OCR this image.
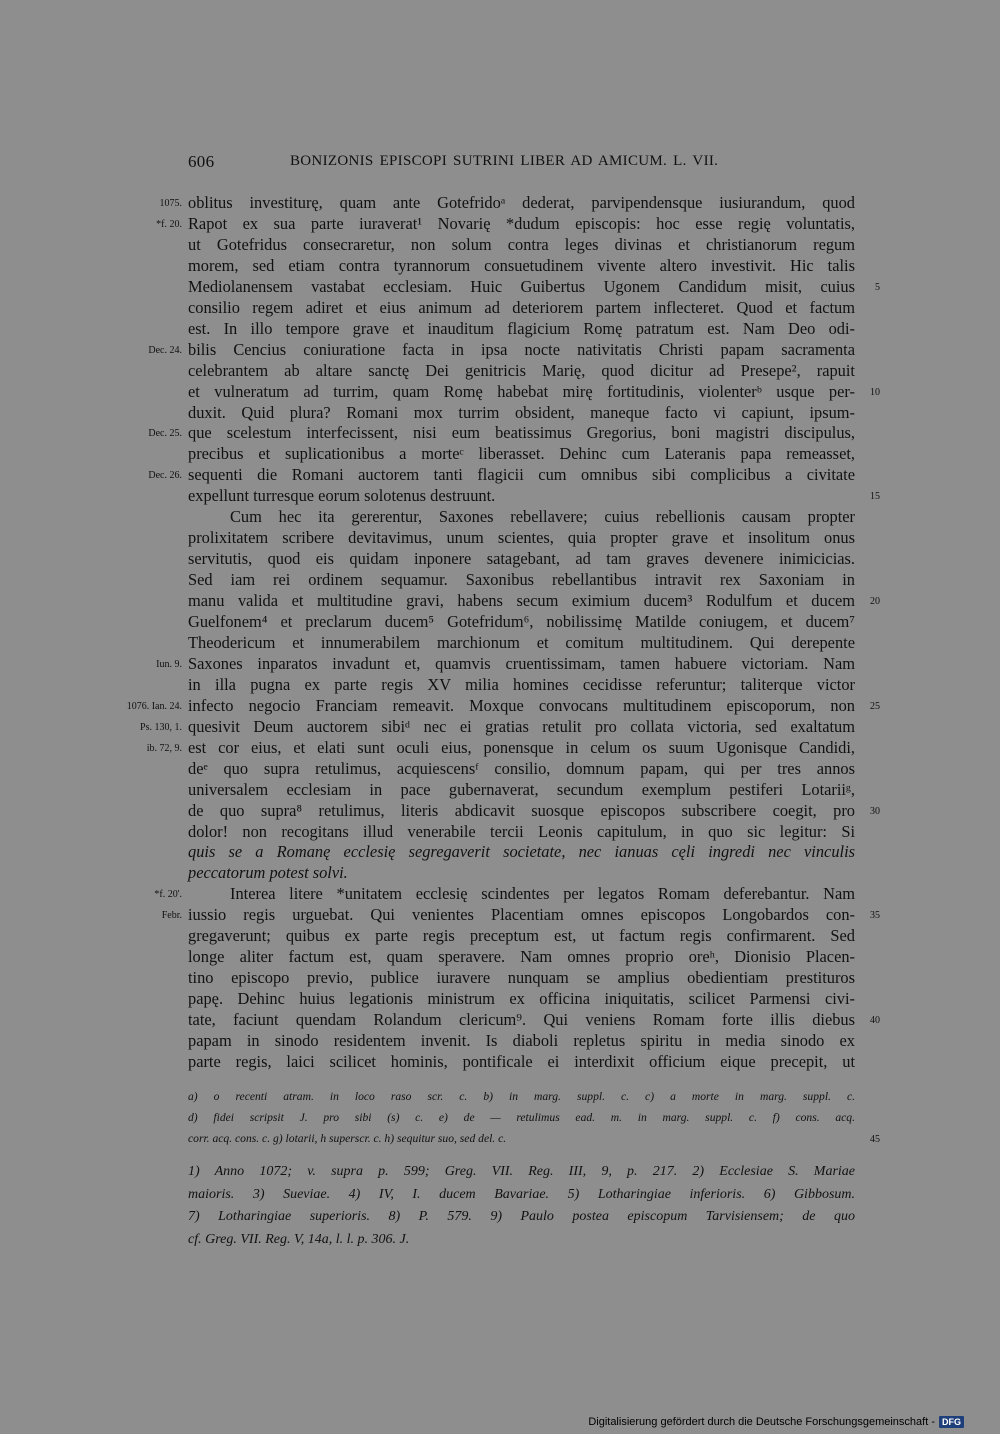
606	BONIZONIS EPISCOPI SUTRINI LIBER AD AMICUM. L. VII.
oblitus investiturę, quam ante Gotefridoᵃ dederat, parvipendensque iusiurandum, quod
1075.
Rapot ex sua parte iuraverat¹ Novarię *dudum episcopis: hoc esse regię voluntatis,
*f. 20.
ut Gotefridus consecraretur, non solum contra leges divinas et christianorum regum
morem, sed etiam contra tyrannorum consuetudinem vivente altero investivit. Hic talis
Mediolanensem vastabat ecclesiam. Huic Guibertus Ugonem Candidum misit, cuius	5
consilio regem adiret et eius animum ad deteriorem partem inflecteret. Quod et factum
est. In illo tempore grave et inauditum flagicium Romę patratum est. Nam Deo odi-
bilis Cencius coniuratione facta in ipsa nocte nativitatis Christi papam sacramenta
Dec. 24.
celebrantem ab altare sanctę Dei genitricis Marię, quod dicitur ad Presepe², rapuit
et vulneratum ad turrim, quam Romę habebat mirę fortitudinis, violenterᵇ usque per-	10
duxit. Quid plura? Romani mox turrim obsident, maneque facto vi capiunt, ipsum-
que scelestum interfecissent, nisi eum beatissimus Gregorius, boni magistri discipulus,
Dec. 25.
precibus et suplicationibus a morteᶜ liberasset. Dehinc cum Lateranis papa remeasset,
sequenti die Romani auctorem tanti flagicii cum omnibus sibi complicibus a civitate
Dec. 26.
expellunt turresque eorum solotenus destruunt.	15
Cum hec ita gererentur, Saxones rebellavere; cuius rebellionis causam propter
prolixitatem scribere devitavimus, unum scientes, quia propter grave et insolitum onus
servitutis, quod eis quidam inponere satagebant, ad tam graves devenere inimicicias.
Sed iam rei ordinem sequamur. Saxonibus rebellantibus intravit rex Saxoniam in
manu valida et multitudine gravi, habens secum eximium ducem³ Rodulfum et ducem	20
Guelfonem⁴ et preclarum ducem⁵ Gotefridum⁶, nobilissimę Matilde coniugem, et ducem⁷
Theodericum et innumerabilem marchionum et comitum multitudinem. Qui derepente
Saxones inparatos invadunt et, quamvis cruentissimam, tamen habuere victoriam. Nam
Iun. 9.
in illa pugna ex parte regis XV milia homines cecidisse referuntur; taliterque victor
infecto negocio Franciam remeavit. Moxque convocans multitudinem episcoporum, non
1076. Ian. 24.	25
quesivit Deum auctorem sibiᵈ nec ei gratias retulit pro collata victoria, sed exaltatum
Ps. 130, 1.
est cor eius, et elati sunt oculi eius, ponensque in celum os suum Ugonisque Candidi,
ib. 72, 9.
deᵉ quo supra retulimus, acquiescensᶠ consilio, domnum papam, qui per tres annos
universalem ecclesiam in pace gubernaverat, secundum exemplum pestiferi Lotariiᵍ,
de quo supra⁸ retulimus, literis abdicavit suosque episcopos subscribere coegit, pro	30
dolor! non recogitans illud venerabile tercii Leonis capitulum, in quo sic legitur: Si
quis se a Romanę ecclesię segregaverit societate, nec ianuas cęli ingredi nec vinculis
peccatorum potest solvi.
Interea litere *unitatem ecclesię scindentes per legatos Romam deferebantur. Nam
*f. 20'.
iussio regis urguebat. Qui venientes Placentiam omnes episcopos Longobardos con-
Febr.	35
gregaverunt; quibus ex parte regis preceptum est, ut factum regis confirmarent. Sed
longe aliter factum est, quam speravere. Nam omnes proprio oreʰ, Dionisio Placen-
tino episcopo previo, publice iuravere nunquam se amplius obedientiam prestituros
papę. Dehinc huius legationis ministrum ex officina iniquitatis, scilicet Parmensi civi-
tate, faciunt quendam Rolandum clericum⁹. Qui veniens Romam forte illis diebus	40
papam in sinodo residentem invenit. Is diaboli repletus spiritu in media sinodo ex
parte regis, laici scilicet hominis, pontificale ei interdixit officium eique precepit, ut
a) o recenti atram. in loco raso scr. c. b) in marg. suppl. c. c) a morte in marg. suppl. c.
d) fidei scripsit J. pro sibi (s) c. e) de — retulimus ead. m. in marg. suppl. c. f) cons. acq.
corr. acq. cons. c. g) lotarii, h superscr. c. h) sequitur suo, sed del. c.	45
1) Anno 1072; v. supra p. 599; Greg. VII. Reg. III, 9, p. 217. 2) Ecclesiae S. Mariae
maioris. 3) Sueviae. 4) IV, I. ducem Bavariae. 5) Lotharingiae inferioris. 6) Gibbosum.
7) Lotharingiae superioris. 8) P. 579. 9) Paulo postea episcopum Tarvisiensem; de quo
cf. Greg. VII. Reg. V, 14a, l. l. p. 306. J.
Digitalisierung gefördert durch die Deutsche Forschungsgemeinschaft - DFG
